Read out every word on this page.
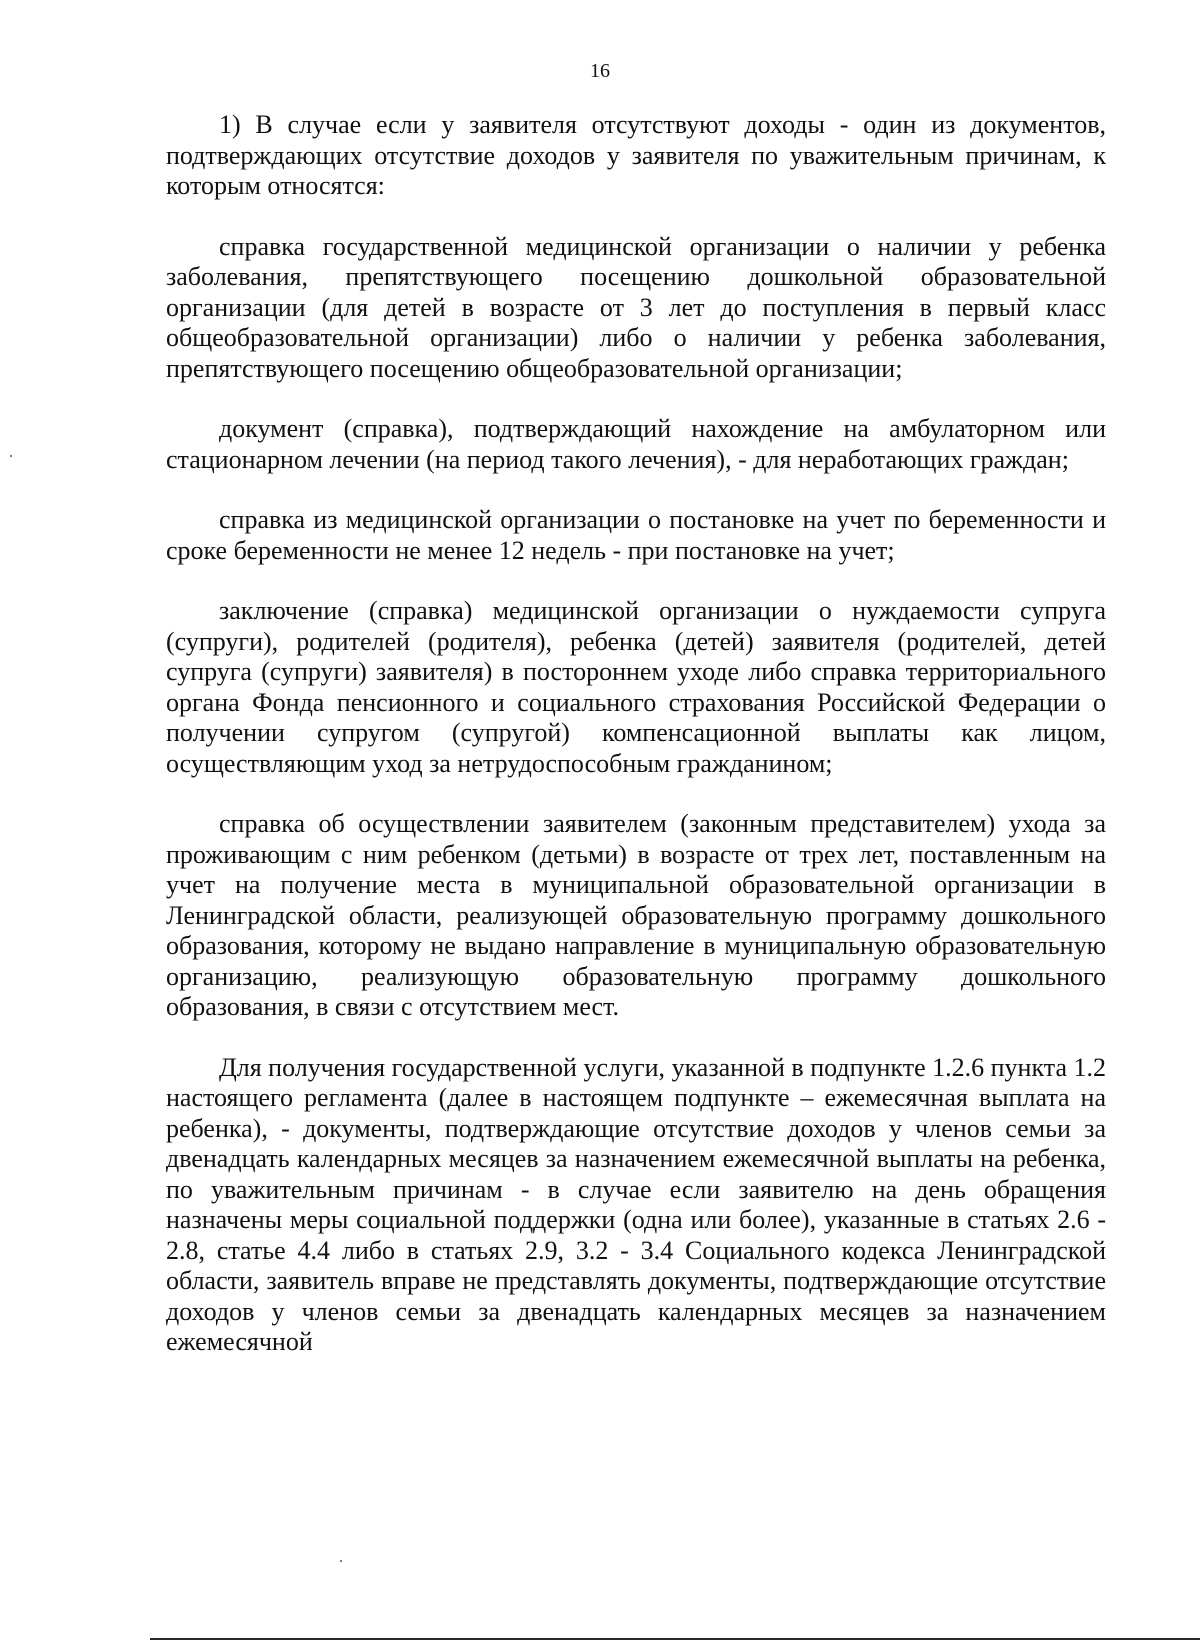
16

1) В случае если у заявителя отсутствуют доходы - один из документов, подтверждающих отсутствие доходов у заявителя по уважительным причинам, к которым относятся:

справка государственной медицинской организации о наличии у ребенка заболевания, препятствующего посещению дошкольной образовательной организации (для детей в возрасте от 3 лет до поступления в первый класс общеобразовательной организации) либо о наличии у ребенка заболевания, препятствующего посещению общеобразовательной организации;

документ (справка), подтверждающий нахождение на амбулаторном или стационарном лечении (на период такого лечения), - для неработающих граждан;

справка из медицинской организации о постановке на учет по беременности и сроке беременности не менее 12 недель - при постановке на учет;

заключение (справка) медицинской организации о нуждаемости супруга (супруги), родителей (родителя), ребенка (детей) заявителя (родителей, детей супруга (супруги) заявителя) в постороннем уходе либо справка территориального органа Фонда пенсионного и социального страхования Российской Федерации о получении супругом (супругой) компенсационной выплаты как лицом, осуществляющим уход за нетрудоспособным гражданином;

справка об осуществлении заявителем (законным представителем) ухода за проживающим с ним ребенком (детьми) в возрасте от трех лет, поставленным на учет на получение места в муниципальной образовательной организации в Ленинградской области, реализующей образовательную программу дошкольного образования, которому не выдано направление в муниципальную образовательную организацию, реализующую образовательную программу дошкольного образования, в связи с отсутствием мест.

Для получения государственной услуги, указанной в подпункте 1.2.6 пункта 1.2 настоящего регламента (далее в настоящем подпункте – ежемесячная выплата на ребенка), - документы, подтверждающие отсутствие доходов у членов семьи за двенадцать календарных месяцев за назначением ежемесячной выплаты на ребенка, по уважительным причинам - в случае если заявителю на день обращения назначены меры социальной поддержки (одна или более), указанные в статьях 2.6 - 2.8, статье 4.4 либо в статьях 2.9, 3.2 - 3.4 Социального кодекса Ленинградской области, заявитель вправе не представлять документы, подтверждающие отсутствие доходов у членов семьи за двенадцать календарных месяцев за назначением ежемесячной
